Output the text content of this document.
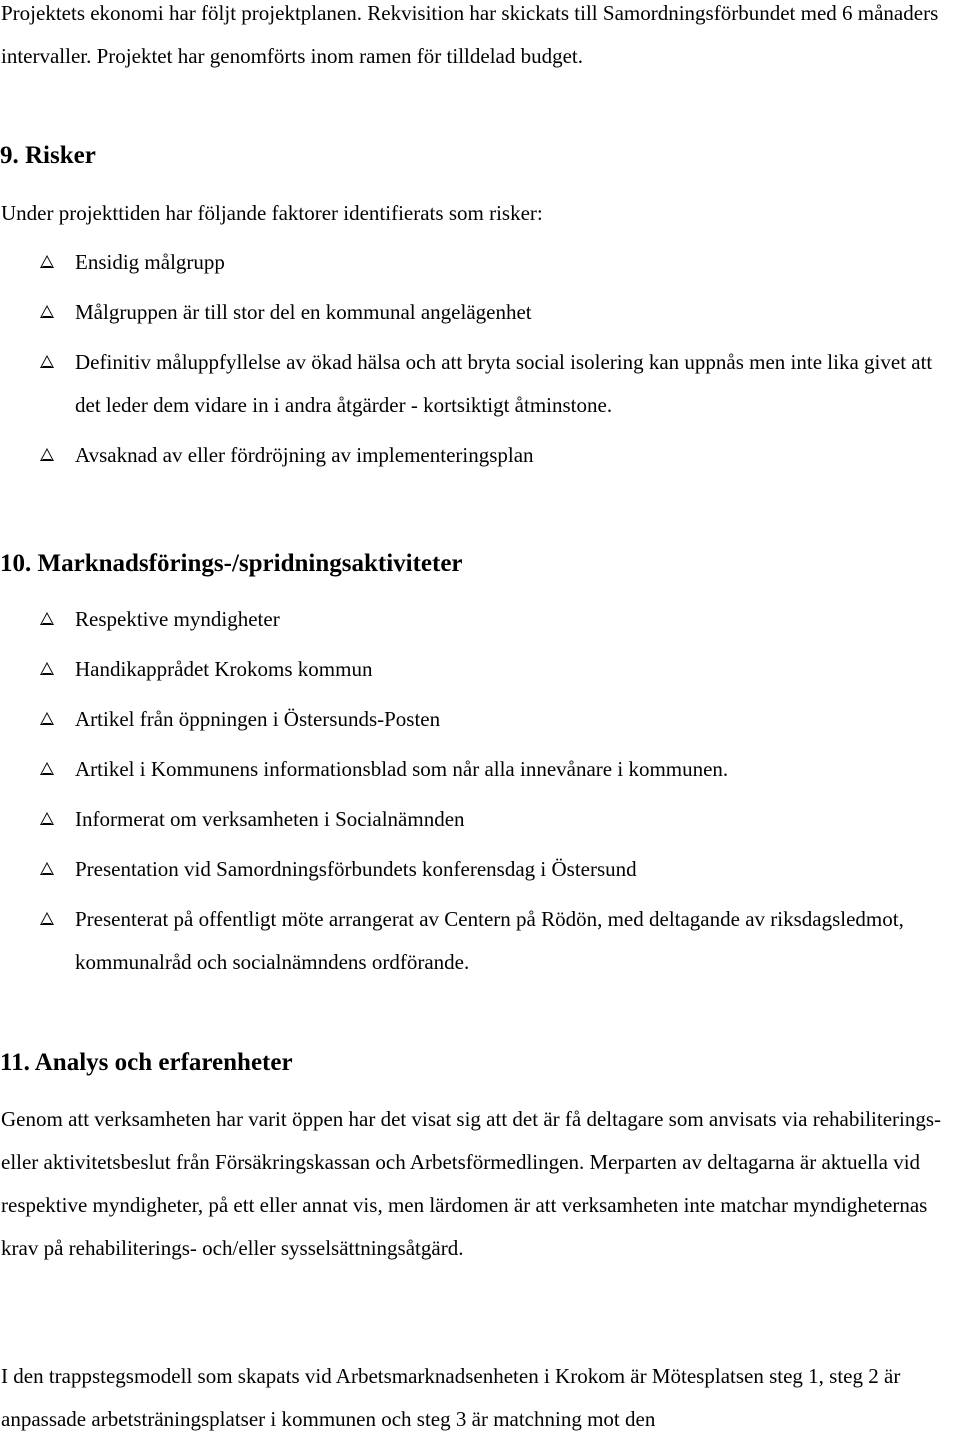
Projektets ekonomi har följt projektplanen. Rekvisition har skickats till Samordningsförbundet med 6 månaders intervaller. Projektet har genomförts inom ramen för tilldelad budget.

9. Risker

Under projekttiden har följande faktorer identifierats som risker:

Ensidig målgrupp
Målgruppen är till stor del en kommunal angelägenhet
Definitiv måluppfyllelse av ökad hälsa och att bryta social isolering kan uppnås men inte lika givet att det leder dem vidare in i andra åtgärder - kortsiktigt åtminstone.
Avsaknad av eller fördröjning av implementeringsplan
10. Marknadsförings-/spridningsaktiviteter
Respektive myndigheter
Handikapprådet Krokoms kommun
Artikel från öppningen i Östersunds-Posten
Artikel i Kommunens informationsblad som når alla innevånare i kommunen.
Informerat om verksamheten i Socialnämnden
Presentation vid Samordningsförbundets konferensdag i Östersund
Presenterat på offentligt möte arrangerat av Centern på Rödön, med deltagande av riksdagsledmot, kommunalråd och socialnämndens ordförande.
11. Analys och erfarenheter

Genom att verksamheten har varit öppen har det visat sig att det är få deltagare som anvisats via rehabiliterings- eller aktivitetsbeslut från Försäkringskassan och Arbetsförmedlingen. Merparten av deltagarna är aktuella vid respektive myndigheter, på ett eller annat vis, men lärdomen är att verksamheten inte matchar myndigheternas krav på rehabiliterings- och/eller sysselsättningsåtgärd.

I den trappstegsmodell som skapats vid Arbetsmarknadsenheten i Krokom är Mötesplatsen steg 1, steg 2 är anpassade arbetsträningsplatser i kommunen och steg 3 är matchning mot den
